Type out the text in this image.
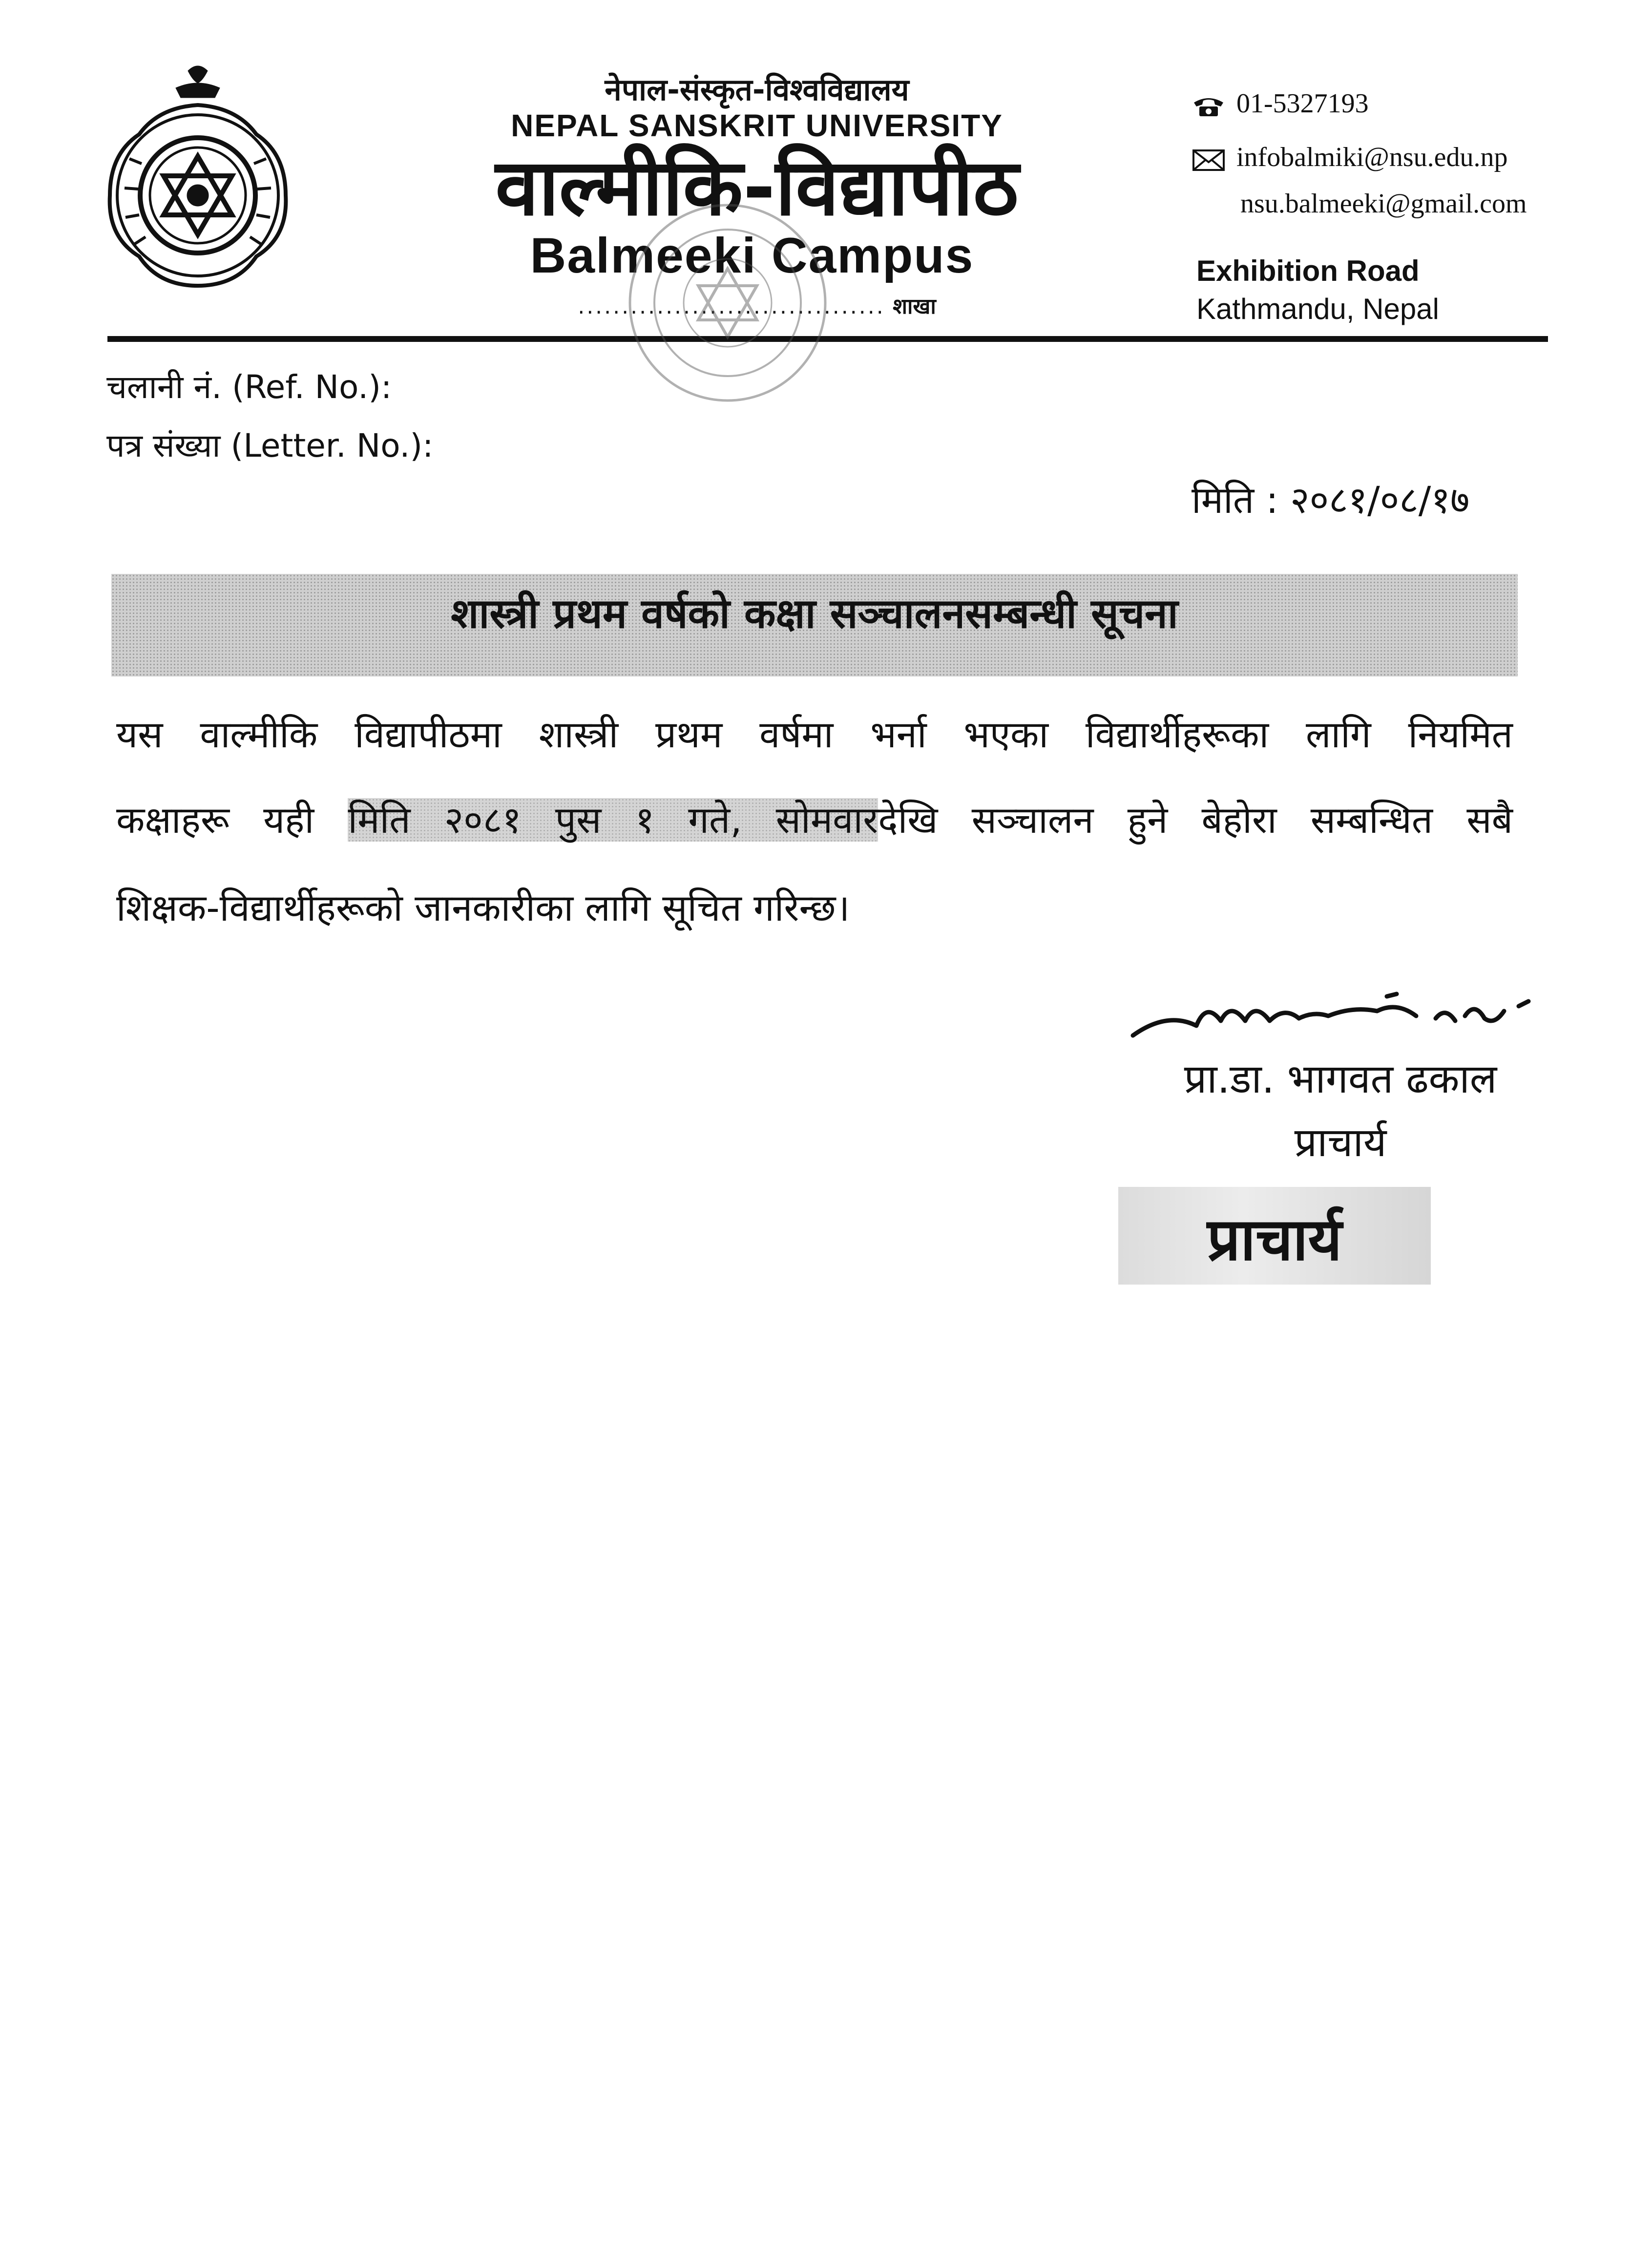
नेपाल-संस्कृत-विश्वविद्यालय
NEPAL SANSKRIT UNIVERSITY
वाल्मीकि-विद्यापीठ
Balmeeki Campus
................................... शाखा
01-5327193
infobalmiki@nsu.edu.np
nsu.balmeeki@gmail.com
Exhibition Road
Kathmandu, Nepal
चलानी नं. (Ref. No.):
पत्र संख्या (Letter. No.):
मिति : २०८१/०८/१७
शास्त्री प्रथम वर्षको कक्षा सञ्चालनसम्बन्धी सूचना
यस वाल्मीकि विद्यापीठमा शास्त्री प्रथम वर्षमा भर्ना भएका विद्यार्थीहरूका लागि नियमित
कक्षाहरू यही मिति २०८१ पुस १ गते, सोमवारदेखि सञ्चालन हुने बेहोरा सम्बन्धित सबै
शिक्षक-विद्यार्थीहरूको जानकारीका लागि सूचित गरिन्छ।
प्रा.डा. भागवत ढकाल
प्राचार्य
प्राचार्य
